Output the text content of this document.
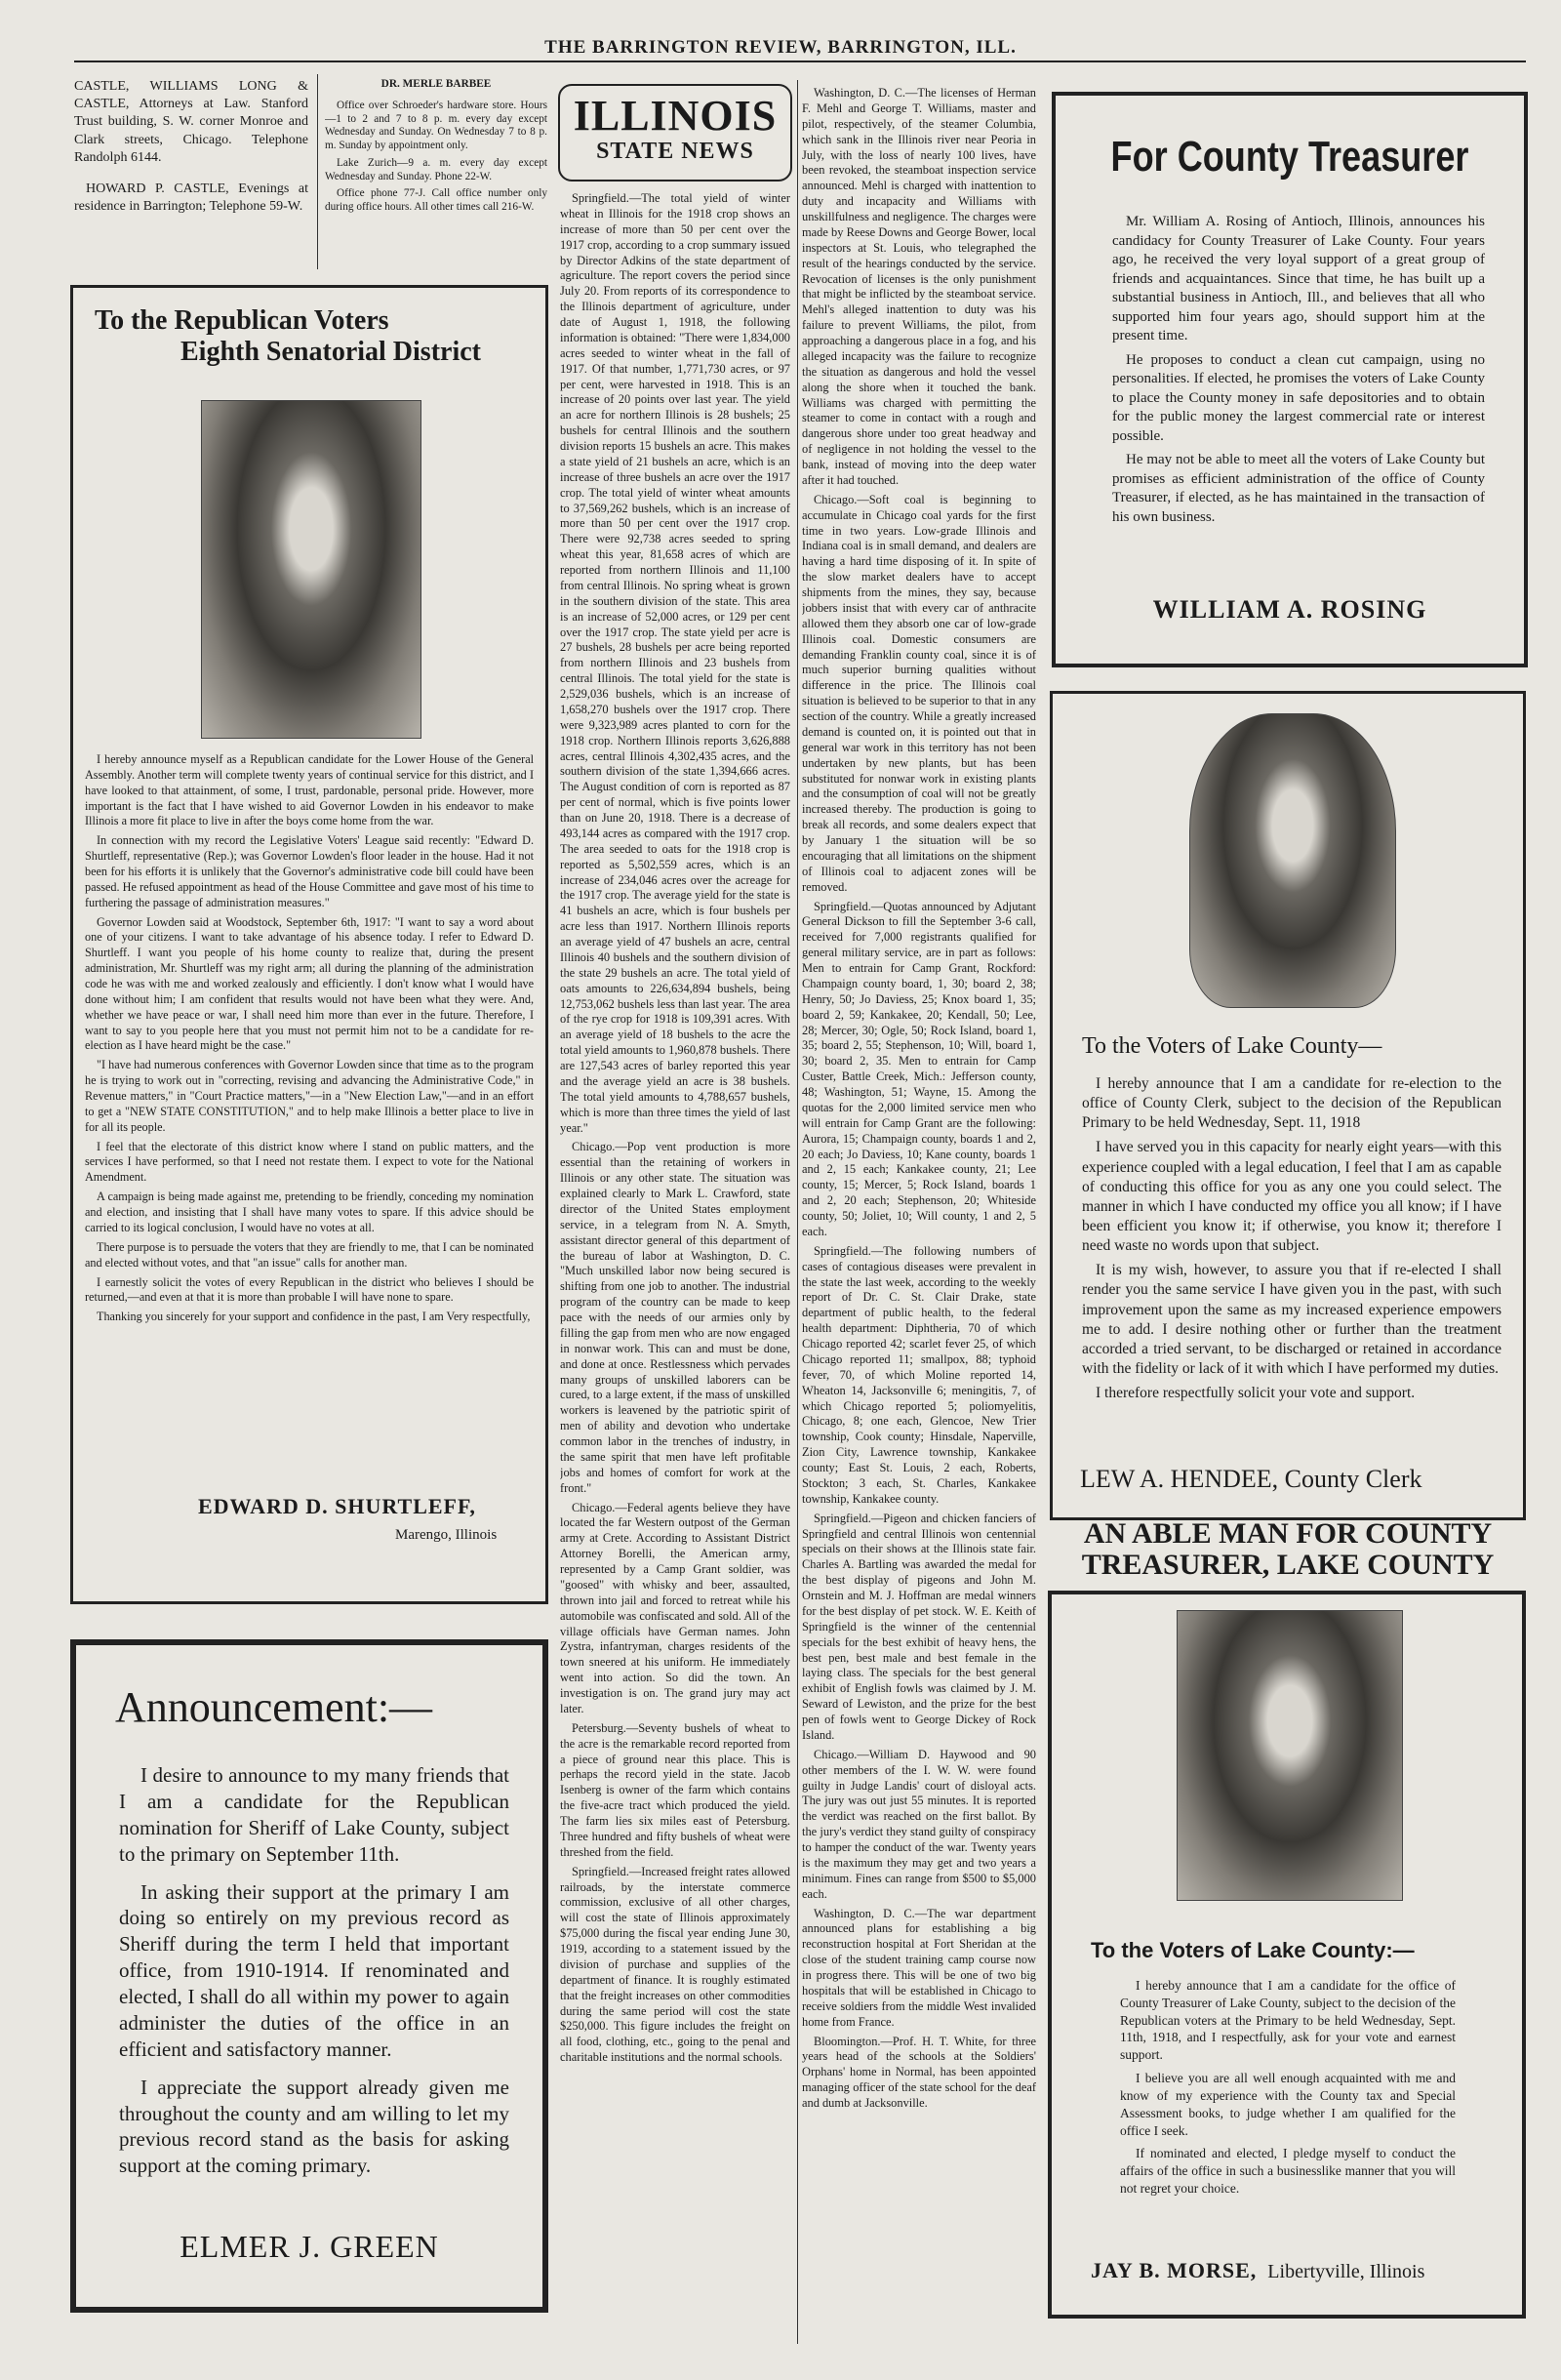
THE BARRINGTON REVIEW, BARRINGTON, ILL.

CASTLE, WILLIAMS LONG & CASTLE, Attorneys at Law. Stanford Trust building, S. W. corner Monroe and Clark streets, Chicago. Telephone Randolph 6144.

HOWARD P. CASTLE, Evenings at residence in Barrington; Telephone 59-W.

DR. MERLE BARBEE

Office over Schroeder's hardware store. Hours—1 to 2 and 7 to 8 p. m. every day except Wednesday and Sunday. On Wednesday 7 to 8 p. m. Sunday by appointment only.

Lake Zurich—9 a. m. every day except Wednesday and Sunday. Phone 22-W.

Office phone 77-J. Call office number only during office hours. All other times call 216-W.

To the Republican Voters
Eighth Senatorial District

I hereby announce myself as a Republican candidate for the Lower House of the General Assembly. Another term will complete twenty years of continual service for this district, and I have looked to that attainment, of some, I trust, pardonable, personal pride. However, more important is the fact that I have wished to aid Governor Lowden in his endeavor to make Illinois a more fit place to live in after the boys come home from the war.

In connection with my record the Legislative Voters' League said recently: "Edward D. Shurtleff, representative (Rep.); was Governor Lowden's floor leader in the house. Had it not been for his efforts it is unlikely that the Governor's administrative code bill could have been passed. He refused appointment as head of the House Committee and gave most of his time to furthering the passage of administration measures."

Governor Lowden said at Woodstock, September 6th, 1917: "I want to say a word about one of your citizens. I want to take advantage of his absence today. I refer to Edward D. Shurtleff. I want you people of his home county to realize that, during the present administration, Mr. Shurtleff was my right arm; all during the planning of the administration code he was with me and worked zealously and efficiently. I don't know what I would have done without him; I am confident that results would not have been what they were. And, whether we have peace or war, I shall need him more than ever in the future. Therefore, I want to say to you people here that you must not permit him not to be a candidate for re-election as I have heard might be the case."

"I have had numerous conferences with Governor Lowden since that time as to the program he is trying to work out in "correcting, revising and advancing the Administrative Code," in Revenue matters," in "Court Practice matters,"—in a "New Election Law,"—and in an effort to get a "NEW STATE CONSTITUTION," and to help make Illinois a better place to live in for all its people.

I feel that the electorate of this district know where I stand on public matters, and the services I have performed, so that I need not restate them. I expect to vote for the National Amendment.

A campaign is being made against me, pretending to be friendly, conceding my nomination and election, and insisting that I shall have many votes to spare. If this advice should be carried to its logical conclusion, I would have no votes at all.

There purpose is to persuade the voters that they are friendly to me, that I can be nominated and elected without votes, and that "an issue" calls for another man.

I earnestly solicit the votes of every Republican in the district who believes I should be returned,—and even at that it is more than probable I will have none to spare.

Thanking you sincerely for your support and confidence in the past, I am Very respectfully,

EDWARD D. SHURTLEFF,
Marengo, Illinois
Announcement:—

I desire to announce to my many friends that I am a candidate for the Republican nomination for Sheriff of Lake County, subject to the primary on September 11th.

In asking their support at the primary I am doing so entirely on my previous record as Sheriff during the term I held that important office, from 1910-1914. If renominated and elected, I shall do all within my power to again administer the duties of the office in an efficient and satisfactory manner.

I appreciate the support already given me throughout the county and am willing to let my previous record stand as the basis for asking support at the coming primary.

ELMER J. GREEN
ILLINOIS
STATE NEWS

Springfield.—The total yield of winter wheat in Illinois for the 1918 crop shows an increase of more than 50 per cent over the 1917 crop, according to a crop summary issued by Director Adkins of the state department of agriculture. The report covers the period since July 20. From reports of its correspondence to the Illinois department of agriculture, under date of August 1, 1918, the following information is obtained: "There were 1,834,000 acres seeded to winter wheat in the fall of 1917. Of that number, 1,771,730 acres, or 97 per cent, were harvested in 1918. This is an increase of 20 points over last year. The yield an acre for northern Illinois is 28 bushels; 25 bushels for central Illinois and the southern division reports 15 bushels an acre. This makes a state yield of 21 bushels an acre, which is an increase of three bushels an acre over the 1917 crop. The total yield of winter wheat amounts to 37,569,262 bushels, which is an increase of more than 50 per cent over the 1917 crop. There were 92,738 acres seeded to spring wheat this year, 81,658 acres of which are reported from northern Illinois and 11,100 from central Illinois. No spring wheat is grown in the southern division of the state. This area is an increase of 52,000 acres, or 129 per cent over the 1917 crop. The state yield per acre is 27 bushels, 28 bushels per acre being reported from northern Illinois and 23 bushels from central Illinois. The total yield for the state is 2,529,036 bushels, which is an increase of 1,658,270 bushels over the 1917 crop. There were 9,323,989 acres planted to corn for the 1918 crop. Northern Illinois reports 3,626,888 acres, central Illinois 4,302,435 acres, and the southern division of the state 1,394,666 acres. The August condition of corn is reported as 87 per cent of normal, which is five points lower than on June 20, 1918. There is a decrease of 493,144 acres as compared with the 1917 crop. The area seeded to oats for the 1918 crop is reported as 5,502,559 acres, which is an increase of 234,046 acres over the acreage for the 1917 crop. The average yield for the state is 41 bushels an acre, which is four bushels per acre less than 1917. Northern Illinois reports an average yield of 47 bushels an acre, central Illinois 40 bushels and the southern division of the state 29 bushels an acre. The total yield of oats amounts to 226,634,894 bushels, being 12,753,062 bushels less than last year. The area of the rye crop for 1918 is 109,391 acres. With an average yield of 18 bushels to the acre the total yield amounts to 1,960,878 bushels. There are 127,543 acres of barley reported this year and the average yield an acre is 38 bushels. The total yield amounts to 4,788,657 bushels, which is more than three times the yield of last year."

Chicago.—Pop vent production is more essential than the retaining of workers in Illinois or any other state. The situation was explained clearly to Mark L. Crawford, state director of the United States employment service, in a telegram from N. A. Smyth, assistant director general of this department of the bureau of labor at Washington, D. C. "Much unskilled labor now being secured is shifting from one job to another. The industrial program of the country can be made to keep pace with the needs of our armies only by filling the gap from men who are now engaged in nonwar work. This can and must be done, and done at once. Restlessness which pervades many groups of unskilled laborers can be cured, to a large extent, if the mass of unskilled workers is leavened by the patriotic spirit of men of ability and devotion who undertake common labor in the trenches of industry, in the same spirit that men have left profitable jobs and homes of comfort for work at the front."

Chicago.—Federal agents believe they have located the far Western outpost of the German army at Crete. According to Assistant District Attorney Borelli, the American army, represented by a Camp Grant soldier, was "goosed" with whisky and beer, assaulted, thrown into jail and forced to retreat while his automobile was confiscated and sold. All of the village officials have German names. John Zystra, infantryman, charges residents of the town sneered at his uniform. He immediately went into action. So did the town. An investigation is on. The grand jury may act later.

Petersburg.—Seventy bushels of wheat to the acre is the remarkable record reported from a piece of ground near this place. This is perhaps the record yield in the state. Jacob Isenberg is owner of the farm which contains the five-acre tract which produced the yield. The farm lies six miles east of Petersburg. Three hundred and fifty bushels of wheat were threshed from the field.

Springfield.—Increased freight rates allowed railroads, by the interstate commerce commission, exclusive of all other charges, will cost the state of Illinois approximately $75,000 during the fiscal year ending June 30, 1919, according to a statement issued by the division of purchase and supplies of the department of finance. It is roughly estimated that the freight increases on other commodities during the same period will cost the state $250,000. This figure includes the freight on all food, clothing, etc., going to the penal and charitable institutions and the normal schools.

Washington, D. C.—The licenses of Herman F. Mehl and George T. Williams, master and pilot, respectively, of the steamer Columbia, which sank in the Illinois river near Peoria in July, with the loss of nearly 100 lives, have been revoked, the steamboat inspection service announced. Mehl is charged with inattention to duty and incapacity and Williams with unskillfulness and negligence. The charges were made by Reese Downs and George Bower, local inspectors at St. Louis, who telegraphed the result of the hearings conducted by the service. Revocation of licenses is the only punishment that might be inflicted by the steamboat service. Mehl's alleged inattention to duty was his failure to prevent Williams, the pilot, from approaching a dangerous place in a fog, and his alleged incapacity was the failure to recognize the situation as dangerous and hold the vessel along the shore when it touched the bank. Williams was charged with permitting the steamer to come in contact with a rough and dangerous shore under too great headway and of negligence in not holding the vessel to the bank, instead of moving into the deep water after it had touched.

Chicago.—Soft coal is beginning to accumulate in Chicago coal yards for the first time in two years. Low-grade Illinois and Indiana coal is in small demand, and dealers are having a hard time disposing of it. In spite of the slow market dealers have to accept shipments from the mines, they say, because jobbers insist that with every car of anthracite allowed them they absorb one car of low-grade Illinois coal. Domestic consumers are demanding Franklin county coal, since it is of much superior burning qualities without difference in the price. The Illinois coal situation is believed to be superior to that in any section of the country. While a greatly increased demand is counted on, it is pointed out that in general war work in this territory has not been undertaken by new plants, but has been substituted for nonwar work in existing plants and the consumption of coal will not be greatly increased thereby. The production is going to break all records, and some dealers expect that by January 1 the situation will be so encouraging that all limitations on the shipment of Illinois coal to adjacent zones will be removed.

Springfield.—Quotas announced by Adjutant General Dickson to fill the September 3-6 call, received for 7,000 registrants qualified for general military service, are in part as follows: Men to entrain for Camp Grant, Rockford: Champaign county board, 1, 30; board 2, 38; Henry, 50; Jo Daviess, 25; Knox board 1, 35; board 2, 59; Kankakee, 20; Kendall, 50; Lee, 28; Mercer, 30; Ogle, 50; Rock Island, board 1, 35; board 2, 55; Stephenson, 10; Will, board 1, 30; board 2, 35. Men to entrain for Camp Custer, Battle Creek, Mich.: Jefferson county, 48; Washington, 51; Wayne, 15. Among the quotas for the 2,000 limited service men who will entrain for Camp Grant are the following: Aurora, 15; Champaign county, boards 1 and 2, 20 each; Jo Daviess, 10; Kane county, boards 1 and 2, 15 each; Kankakee county, 21; Lee county, 15; Mercer, 5; Rock Island, boards 1 and 2, 20 each; Stephenson, 20; Whiteside county, 50; Joliet, 10; Will county, 1 and 2, 5 each.

Springfield.—The following numbers of cases of contagious diseases were prevalent in the state the last week, according to the weekly report of Dr. C. St. Clair Drake, state department of public health, to the federal health department: Diphtheria, 70 of which Chicago reported 42; scarlet fever 25, of which Chicago reported 11; smallpox, 88; typhoid fever, 70, of which Moline reported 14, Wheaton 14, Jacksonville 6; meningitis, 7, of which Chicago reported 5; poliomyelitis, Chicago, 8; one each, Glencoe, New Trier township, Cook county; Hinsdale, Naperville, Zion City, Lawrence township, Kankakee county; East St. Louis, 2 each, Roberts, Stockton; 3 each, St. Charles, Kankakee township, Kankakee county.

Springfield.—Pigeon and chicken fanciers of Springfield and central Illinois won centennial specials on their shows at the Illinois state fair. Charles A. Bartling was awarded the medal for the best display of pigeons and John M. Ornstein and M. J. Hoffman are medal winners for the best display of pet stock. W. E. Keith of Springfield is the winner of the centennial specials for the best exhibit of heavy hens, the best pen, best male and best female in the laying class. The specials for the best general exhibit of English fowls was claimed by J. M. Seward of Lewiston, and the prize for the best pen of fowls went to George Dickey of Rock Island.

Chicago.—William D. Haywood and 90 other members of the I. W. W. were found guilty in Judge Landis' court of disloyal acts. The jury was out just 55 minutes. It is reported the verdict was reached on the first ballot. By the jury's verdict they stand guilty of conspiracy to hamper the conduct of the war. Twenty years is the maximum they may get and two years a minimum. Fines can range from $500 to $5,000 each.

Washington, D. C.—The war department announced plans for establishing a big reconstruction hospital at Fort Sheridan at the close of the student training camp course now in progress there. This will be one of two big hospitals that will be established in Chicago to receive soldiers from the middle West invalided home from France.

Bloomington.—Prof. H. T. White, for three years head of the schools at the Soldiers' Orphans' home in Normal, has been appointed managing officer of the state school for the deaf and dumb at Jacksonville.

For County Treasurer

Mr. William A. Rosing of Antioch, Illinois, announces his candidacy for County Treasurer of Lake County. Four years ago, he received the very loyal support of a great group of friends and acquaintances. Since that time, he has built up a substantial business in Antioch, Ill., and believes that all who supported him four years ago, should support him at the present time.

He proposes to conduct a clean cut campaign, using no personalities. If elected, he promises the voters of Lake County to place the County money in safe depositories and to obtain for the public money the largest commercial rate or interest possible.

He may not be able to meet all the voters of Lake County but promises as efficient administration of the office of County Treasurer, if elected, as he has maintained in the transaction of his own business.

WILLIAM A. ROSING
To the Voters of Lake County—

I hereby announce that I am a candidate for re-election to the office of County Clerk, subject to the decision of the Republican Primary to be held Wednesday, Sept. 11, 1918

I have served you in this capacity for nearly eight years—with this experience coupled with a legal education, I feel that I am as capable of conducting this office for you as any one you could select. The manner in which I have conducted my office you all know; if I have been efficient you know it; if otherwise, you know it; therefore I need waste no words upon that subject.

It is my wish, however, to assure you that if re-elected I shall render you the same service I have given you in the past, with such improvement upon the same as my increased experience empowers me to add. I desire nothing other or further than the treatment accorded a tried servant, to be discharged or retained in accordance with the fidelity or lack of it with which I have performed my duties.

I therefore respectfully solicit your vote and support.

LEW A. HENDEE, County Clerk
AN ABLE MAN FOR COUNTY
TREASURER, LAKE COUNTY
To the Voters of Lake County:—

I hereby announce that I am a candidate for the office of County Treasurer of Lake County, subject to the decision of the Republican voters at the Primary to be held Wednesday, Sept. 11th, 1918, and I respectfully, ask for your vote and earnest support.

I believe you are all well enough acquainted with me and know of my experience with the County tax and Special Assessment books, to judge whether I am qualified for the office I seek.

If nominated and elected, I pledge myself to conduct the affairs of the office in such a businesslike manner that you will not regret your choice.

JAY B. MORSE, Libertyville, Illinois
